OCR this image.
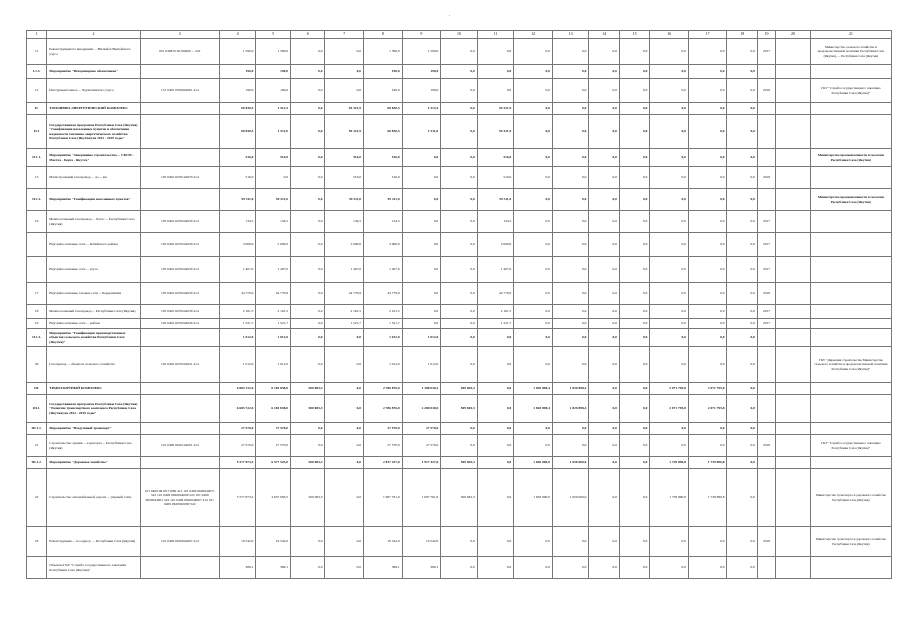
'
1	2	3	4	5	6	7	8	9	10	11	12	13	14	15	16	17	18	19	20	21
11	Реконструкция по внедрению ... Вилюйск Вилюйского улуса	001 0408 0150194600 ... 522	1 590,0	1 590,0	0,0	0,0	1 590,0	1 590,0	0,0	0,0	0,0	0,0	0,0	0,0	0,0	0,0	0,0	2017		Министерство сельского хозяйства и продовольственной политики Республики Саха (Якутия), ... Республики Саха (Якутия)
I.1.3.	Мероприятие "Ветеринарное обеспечение"		190,0	190,0	0,0	0,0	190,0	190,0	0,0	0,0	0,0	0,0	0,0	0,0	0,0	0,0	0,0			
12	Инструментальное ... Чурапчинского улуса	151 0405 0550044901 414	190,0	190,0	0,0	0,0	190,0	190,0	0,0	0,0	0,0	0,0	0,0	0,0	0,0	0,0	0,0	2018		ГКУ "Служба государственного заказчика Республики Саха (Якутия)"
II.	ТОПЛИВНО-ЭНЕРГЕТИЧЕСКИЙ КОМПЛЕКС		60 830,5	1 512,5	0,0	59 321,9	60 830,5	1 512,5	0,0	59 321,9	0,0	0,0	0,0	0,0	0,0	0,0	0,0			
II.1	Государственная программа Республики Саха (Якутия) "Газификация населенных пунктов и обеспечение надежности топливно-энергетического хозяйства Республики Саха (Якутия) на 2012 - 2019 годы"		60 830,5	1 511,0	0,0	59 321,9	60 830,5	1 511,0	0,0	59 321,9	0,0	0,0	0,0	0,0	0,0	0,0	0,0			
II.1.1.	Мероприятие "Завершение строительства ... СКГМ - Мастах - Берге - Якутск"		516,0	516,0	0,0	516,0	516,0	0,0	0,0	516,0	0,0	0,0	0,0	0,0	0,0	0,0	0,0			Министерство промышленности и геологии Республики Саха (Якутия)
15	Магистральный газопровод ... до ... км	105 0402 0470144970 414	516,0	0,0	0,0	516,0	516,0	0,0	0,0	516,0	0,0	0,0	0,0	0,0	0,0	0,0	0,0	2018		
II.1.2.	Мероприятие "Газификация населенных пунктов"		59 311,0	59 311,0	0,0	59 311,0	59 311,0	0,0	0,0	59 311,0	0,0	0,0	0,0	0,0	0,0	0,0	0,0			Министерство промышленности и геологии Республики Саха (Якутия)
16	Межпоселковый газопровод ... Хатас ... Республики Саха (Якутия)	105 0402 0470244030 414	134,5	134,5	0,0	134,5	134,5	0,0	0,0	134,5	0,0	0,0	0,0	0,0	0,0	0,0	0,0	2017		
	Внутрипоселковые сети ... Кобяйского района	105 0402 0470244030 414	5 000,0	5 000,0	0,0	5 000,0	5 000,0	0,0	0,0	5 000,0	0,0	0,0	0,0	0,0	0,0	0,0	0,0	2017		
	Внутрипоселковые сети ... улуса	105 0402 0470244030 414	1 407,0	1 407,0	0,0	1 407,0	1 407,0	0,0	0,0	1 407,0	0,0	0,0	0,0	0,0	0,0	0,0	0,0	2017		
17	Внутрипоселковые газовые сети ... Берденигяхи	105 0402 0470244030 414	44 779,9	44 779,9	0,0	44 779,9	44 779,9	0,0	0,0	44 779,9	0,0	0,0	0,0	0,0	0,0	0,0	0,0	2018		
18	Межпоселковый газопровод ... Республики Саха (Якутия)	105 0402 0470244030 414	2 161,5	2 161,5	0,0	2 161,5	2 161,5	0,0	0,0	2 161,5	0,0	0,0	0,0	0,0	0,0	0,0	0,0	2017		
19	Внутрипоселковые сети ... района	105 0402 0470244030 414	1 521,7	1 521,7	0,0	1 521,7	1 521,7	0,0	0,0	1 521,7	0,0	0,0	0,0	0,0	0,0	0,0	0,0	2017		
II.1.3.	Мероприятие "Газификация производственных объектов сельского хозяйства Республики Саха (Якутия)"		1 012,0	1 012,0	0,0	0,0	1 012,0	1 012,0	0,0	0,0	0,0	0,0	0,0	0,0	0,0	0,0	0,0			
20	Газопровод ... объектов сельского хозяйства	102 0402 0470244921 414	1 012,0	1 012,0	0,0	0,0	1 012,0	1 012,0	0,0	0,0	0,0	0,0	0,0	0,0	0,0	0,0	0,0			ГКУ "Дирекция строительства Министерства сельского хозяйства и продовольственной политики Республики Саха (Якутия)"
III.	ТРАНСПОРТНЫЙ КОМПЛЕКС		6 683 722,0	6 183 838,0	500 083,3	0,0	2 786 876,0	1 188 030,2	509 845,3	0,0	1 820 898,4	1 820 898,4	0,0	0,0	2 071 795,8	2 071 795,8	0,0			
III.1.	Государственная программа Республики Саха (Якутия) "Развитие транспортного комплекса Республики Саха (Якутия) на 2012 - 2019 годы"		6 683 722,0	6 183 838,0	500 083,3	0,0	2 786 876,0	2 280 030,0	509 845,3	0,0	1 820 898,4	1 820 898,4	0,0	0,0	2 071 795,8	2 071 795,8	0,0			
III.1.1.	Мероприятие "Воздушный транспорт"		27 570,0	27 570,0	0,0	0,0	27 570,0	27 570,0	0,0	0,0	0,0	0,0	0,0	0,0	0,0	0,0	0,0			
21	Строительство здания ... аэропорта ... Республики Саха (Якутия)	101 0408 0610144001 414	27 570,0	27 570,0	0,0	0,0	27 570,0	27 570,0	0,0	0,0	0,0	0,0	0,0	0,0	0,0	0,0	0,0	2018		ГКУ "Служба государственного заказчика Республики Саха (Якутия)"
III.1.2.	Мероприятие "Дорожное хозяйство"		5 577 873,5	6 577 525,0	500 083,3	0,0	2 817 427,0	1 917 427,0	509 845,3	0,0	1 650 000,0	1 650 000,0	0,0	0,0	1 739 890,8	1 739 890,8	0,0			
22	Строительство автомобильной дороги ... (первый этап)	101 0409 0610171000 415 101 0409 0620044071 522 101 0409 0620044000 522 101 0409 0620044001 522 101 0409 0620044007 414 101 0409 0620045000 522	5 577 873,5	4 637 093,5	500 083,3	0,0	1 067 761,0	1 097 761,0	509 845,3	0,0	1 650 000,0	1 650 000,0	0,0	0,0	1 739 890,8	1 739 890,8	0,0			Министерство транспорта и дорожного хозяйства Республики Саха (Якутия)
23	Реконструкция ... по адресу: ... Республики Саха (Якутия)	101 0409 0610044007 414	19 542,0	19 542,0	0,0	0,0	19 542,0	19 542,0	0,0	0,0	0,0	0,0	0,0	0,0	0,0	0,0	0,0	2018		Министерство транспорта и дорожного хозяйства Республики Саха (Якутия)
	Объекты ГКУ "Служба государственного заказчика Республики Саха (Якутия)"		389,1	389,1	0,0	0,0	389,1	389,1	0,0	0,0	0,0	0,0	0,0	0,0	0,0	0,0	0,0			
